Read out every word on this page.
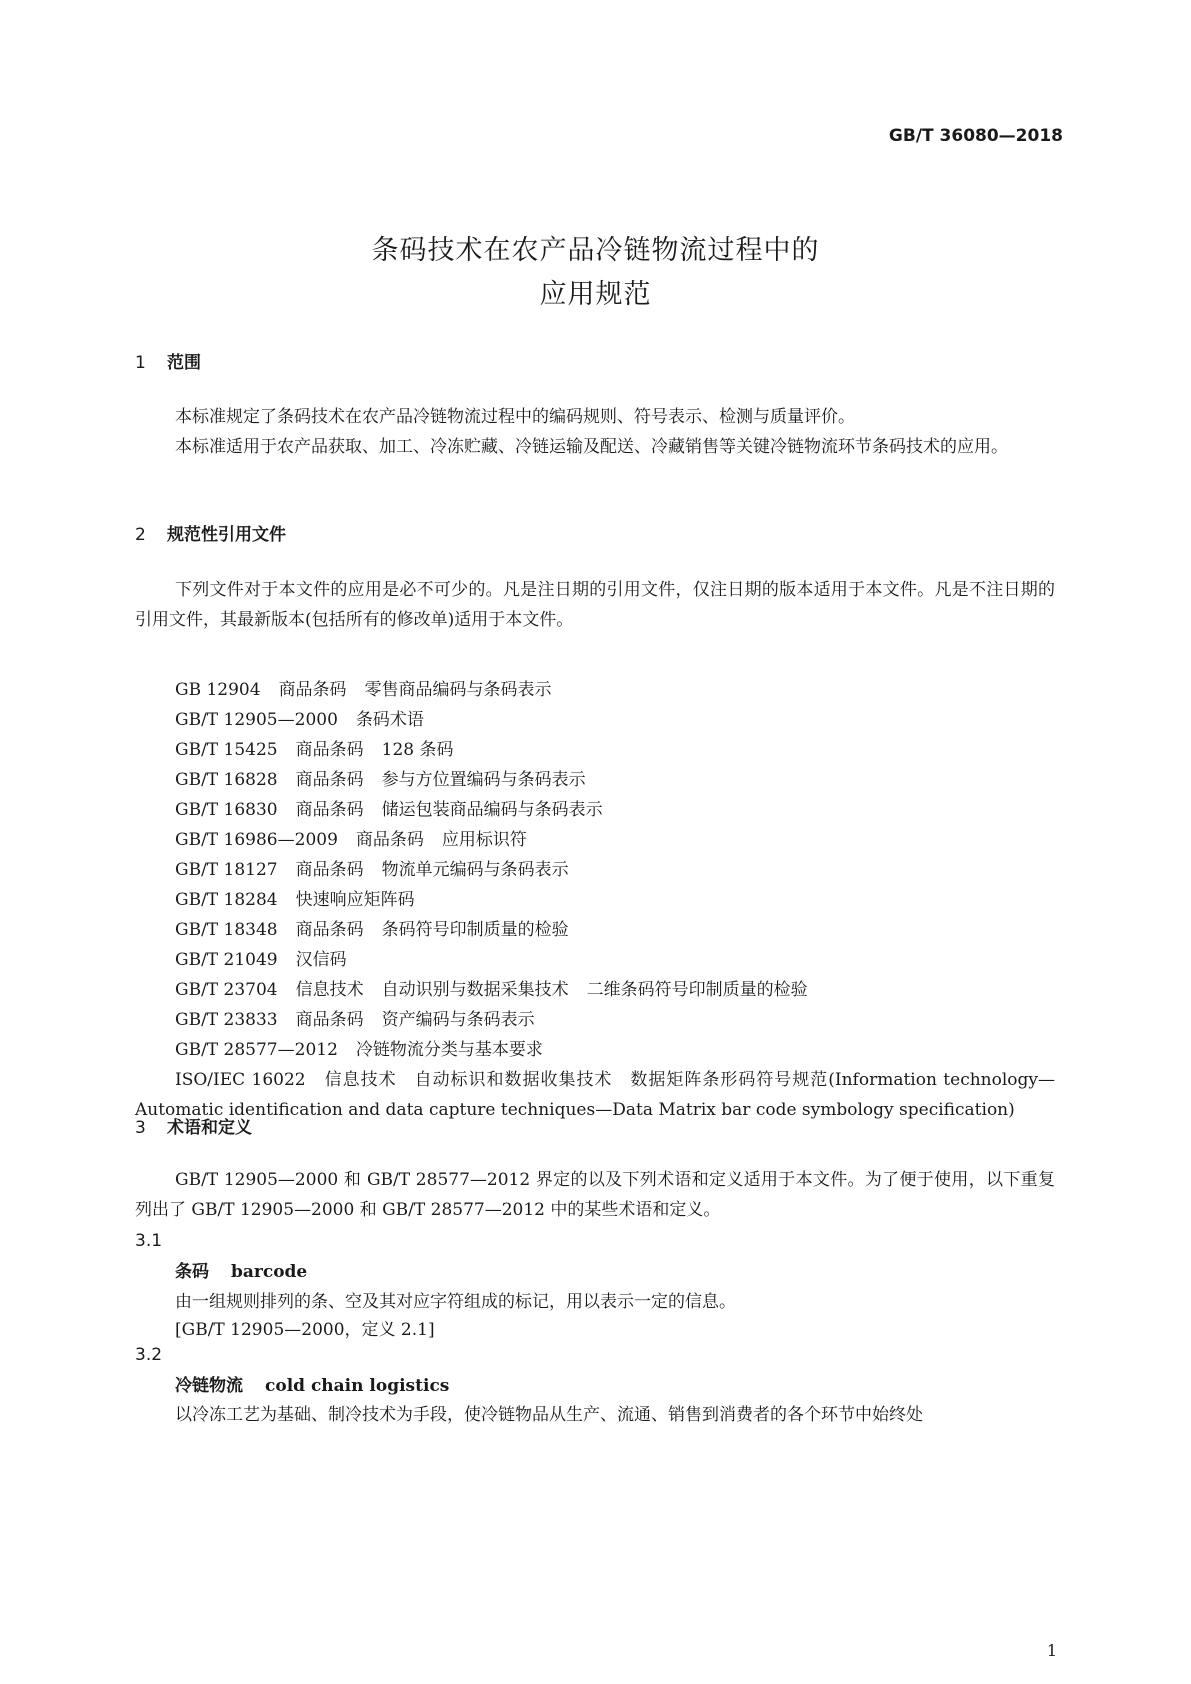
GB/T 36080—2018
条码技术在农产品冷链物流过程中的
应用规范
1 范围
本标准规定了条码技术在农产品冷链物流过程中的编码规则、符号表示、检测与质量评价。
本标准适用于农产品获取、加工、冷冻贮藏、冷链运输及配送、冷藏销售等关键冷链物流环节条码技术的应用。
2 规范性引用文件
下列文件对于本文件的应用是必不可少的。凡是注日期的引用文件，仅注日期的版本适用于本文件。凡是不注日期的引用文件，其最新版本(包括所有的修改单)适用于本文件。
GB 12904 商品条码 零售商品编码与条码表示
GB/T 12905—2000 条码术语
GB/T 15425 商品条码 128 条码
GB/T 16828 商品条码 参与方位置编码与条码表示
GB/T 16830 商品条码 储运包装商品编码与条码表示
GB/T 16986—2009 商品条码 应用标识符
GB/T 18127 商品条码 物流单元编码与条码表示
GB/T 18284 快速响应矩阵码
GB/T 18348 商品条码 条码符号印制质量的检验
GB/T 21049 汉信码
GB/T 23704 信息技术 自动识别与数据采集技术 二维条码符号印制质量的检验
GB/T 23833 商品条码 资产编码与条码表示
GB/T 28577—2012 冷链物流分类与基本要求
ISO/IEC 16022 信息技术 自动标识和数据收集技术 数据矩阵条形码符号规范(Information technology—Automatic identification and data capture techniques—Data Matrix bar code symbology specification)
3 术语和定义
GB/T 12905—2000 和 GB/T 28577—2012 界定的以及下列术语和定义适用于本文件。为了便于使用，以下重复列出了 GB/T 12905—2000 和 GB/T 28577—2012 中的某些术语和定义。
3.1
条码 barcode
由一组规则排列的条、空及其对应字符组成的标记，用以表示一定的信息。
[GB/T 12905—2000，定义 2.1]
3.2
冷链物流 cold chain logistics
以冷冻工艺为基础、制冷技术为手段，使冷链物品从生产、流通、销售到消费者的各个环节中始终处
1
